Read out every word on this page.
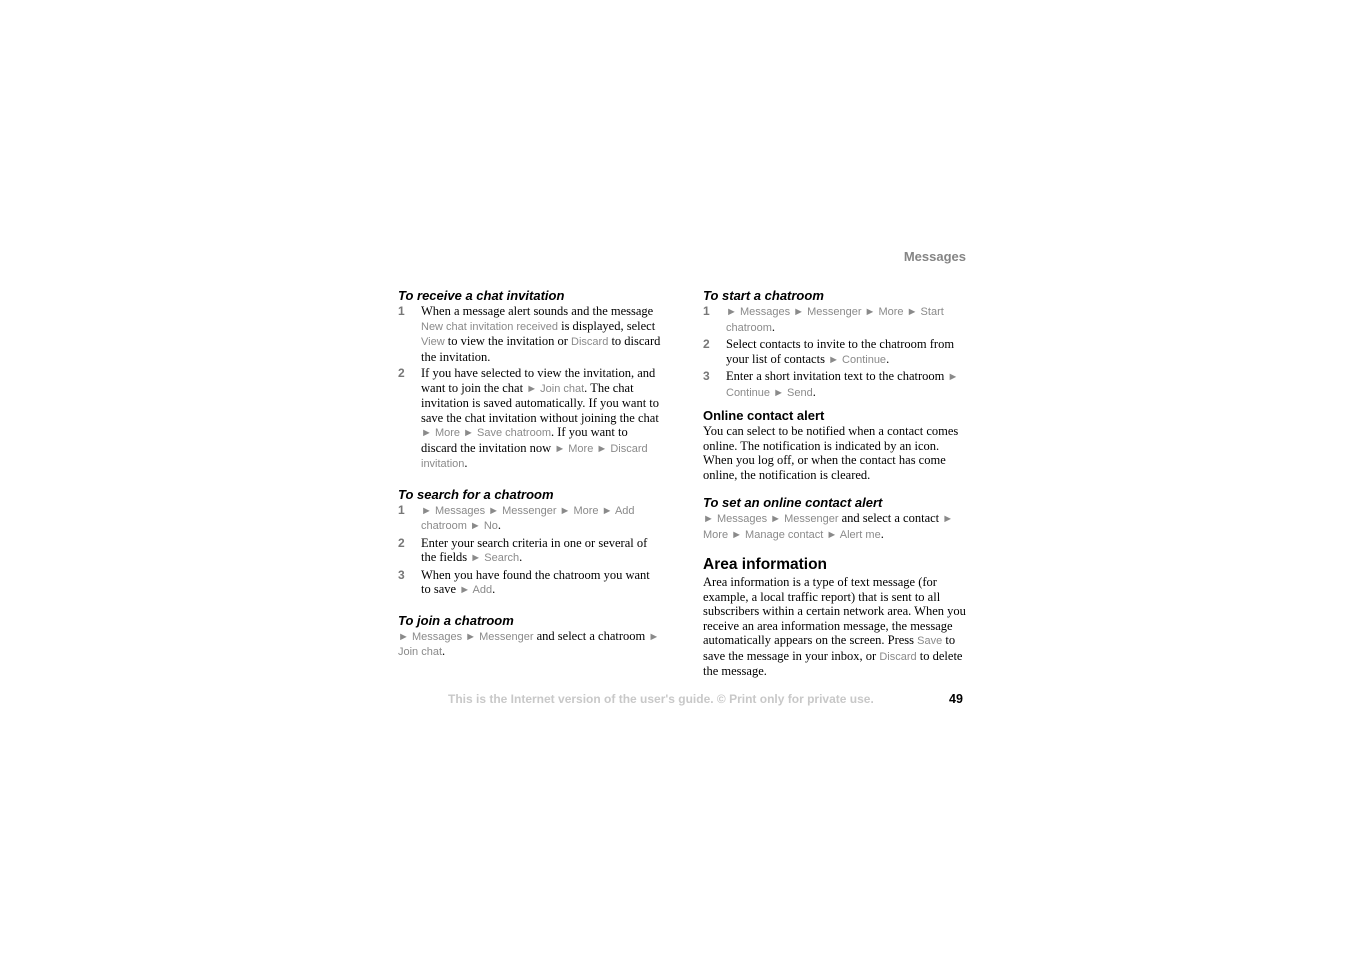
Messages
To receive a chat invitation
1	When a message alert sounds and the message New chat invitation received is displayed, select View to view the invitation or Discard to discard the invitation.
2	If you have selected to view the invitation, and want to join the chat ► Join chat. The chat invitation is saved automatically. If you want to save the chat invitation without joining the chat ► More ► Save chatroom. If you want to discard the invitation now ► More ► Discard invitation.
To search for a chatroom
1	► Messages ► Messenger ► More ► Add chatroom ► No.
2	Enter your search criteria in one or several of the fields ► Search.
3	When you have found the chatroom you want to save ► Add.
To join a chatroom

► Messages ► Messenger and select a chatroom ► Join chat.

To start a chatroom
1	► Messages ► Messenger ► More ► Start chatroom.
2	Select contacts to invite to the chatroom from your list of contacts ► Continue.
3	Enter a short invitation text to the chatroom ► Continue ► Send.
Online contact alert

You can select to be notified when a contact comes online. The notification is indicated by an icon. When you log off, or when the contact has come online, the notification is cleared.

To set an online contact alert

► Messages ► Messenger and select a contact ► More ► Manage contact ► Alert me.

Area information

Area information is a type of text message (for example, a local traffic report) that is sent to all subscribers within a certain network area. When you receive an area information message, the message automatically appears on the screen. Press Save to save the message in your inbox, or Discard to delete the message.

This is the Internet version of the user's guide. © Print only for private use.	49
